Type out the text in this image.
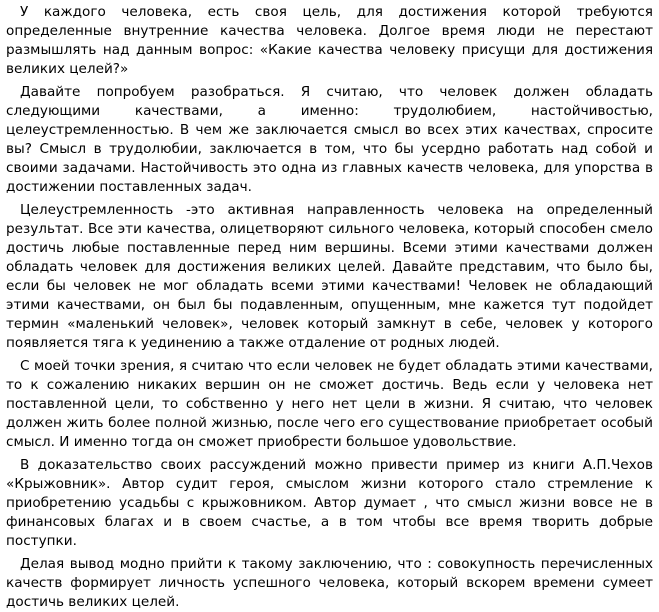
У каждого человека, есть своя цель, для достижения которой требуются определенные внутренние качества человека. Долгое время люди не перестают размышлять над данным вопрос: «Какие качества человеку присущи для достижения великих целей?»

Давайте попробуем разобраться. Я считаю, что человек должен обладать следующими качествами, а именно: трудолюбием, настойчивостью, целеустремленностью. В чем же заключается смысл во всех этих качествах, спросите вы? Смысл в трудолюбии, заключается в том, что бы усердно работать над собой и своими задачами. Настойчивость это одна из главных качеств человека, для упорства в достижении поставленных задач.

Целеустремленность -это активная направленность человека на определенный результат. Все эти качества, олицетворяют сильного человека, который способен смело достичь любые поставленные перед ним вершины. Всеми этими качествами должен обладать человек для достижения великих целей. Давайте представим, что было бы, если бы человек не мог обладать всеми этими качествами! Человек не обладающий этими качествами, он был бы подавленным, опущенным, мне кажется тут подойдет термин «маленький человек», человек который замкнут в себе, человек у которого появляется тяга к уединению а также отдаление от родных людей.

С моей точки зрения, я считаю что если человек не будет обладать этими качествами, то к сожалению никаких вершин он не сможет достичь. Ведь если у человека нет поставленной цели, то собственно у него нет цели в жизни. Я считаю, что человек должен жить более полной жизнью, после чего его существование приобретает особый смысл. И именно тогда он сможет приобрести большое удовольствие.

В доказательство своих рассуждений можно привести пример из книги А.П.Чехов «Крыжовник». Автор судит героя, смыслом жизни которого стало стремление к приобретению усадьбы с крыжовником. Автор думает , что смысл жизни вовсе не в финансовых благах и в своем счастье, а в том чтобы все время творить добрые поступки.

Делая вывод модно прийти к такому заключению, что : совокупность перечисленных качеств формирует личность успешного человека, который вскорем времени сумеет достичь великих целей.
